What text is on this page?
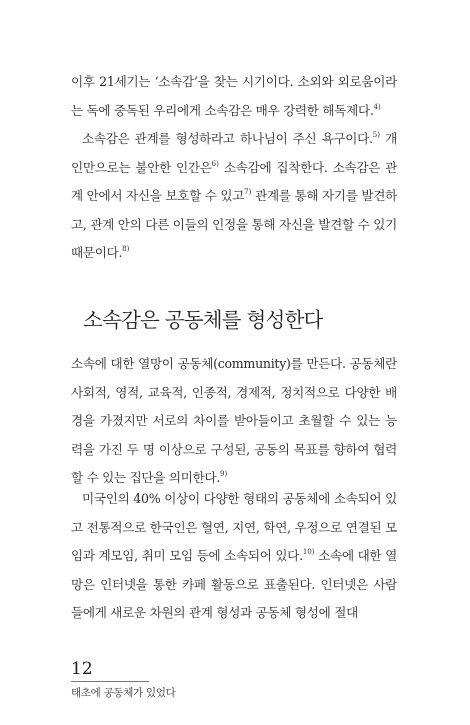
이후 21세기는 ‘소속감’을 찾는 시기이다. 소외와 외로움이라는 독에 중독된 우리에게 소속감은 매우 강력한 해독제다.$^{4)}$

소속감은 관계를 형성하라고 하나님이 주신 욕구이다.$^{5)}$ 개인만으로는 불안한 인간은$^{6)}$ 소속감에 집착한다. 소속감은 관계 안에서 자신을 보호할 수 있고$^{7)}$ 관계를 통해 자기를 발견하고, 관계 안의 다른 이들의 인정을 통해 자신을 발견할 수 있기 때문이다.$^{8)}$

소속감은 공동체를 형성한다

소속에 대한 열망이 공동체(community)를 만든다. 공동체란 사회적, 영적, 교육적, 인종적, 경제적, 정치적으로 다양한 배경을 가졌지만 서로의 차이를 받아들이고 초월할 수 있는 능력을 가진 두 명 이상으로 구성된, 공동의 목표를 향하여 협력할 수 있는 집단을 의미한다.$^{9)}$

미국인의 40% 이상이 다양한 형태의 공동체에 소속되어 있고 전통적으로 한국인은 혈연, 지연, 학연, 우정으로 연결된 모임과 계모임, 취미 모임 등에 소속되어 있다.$^{10)}$ 소속에 대한 열망은 인터넷을 통한 카페 활동으로 표출된다. 인터넷은 사람들에게 새로운 차원의 관계 형성과 공동체 형성에 절대

12
태초에 공동체가 있었다
